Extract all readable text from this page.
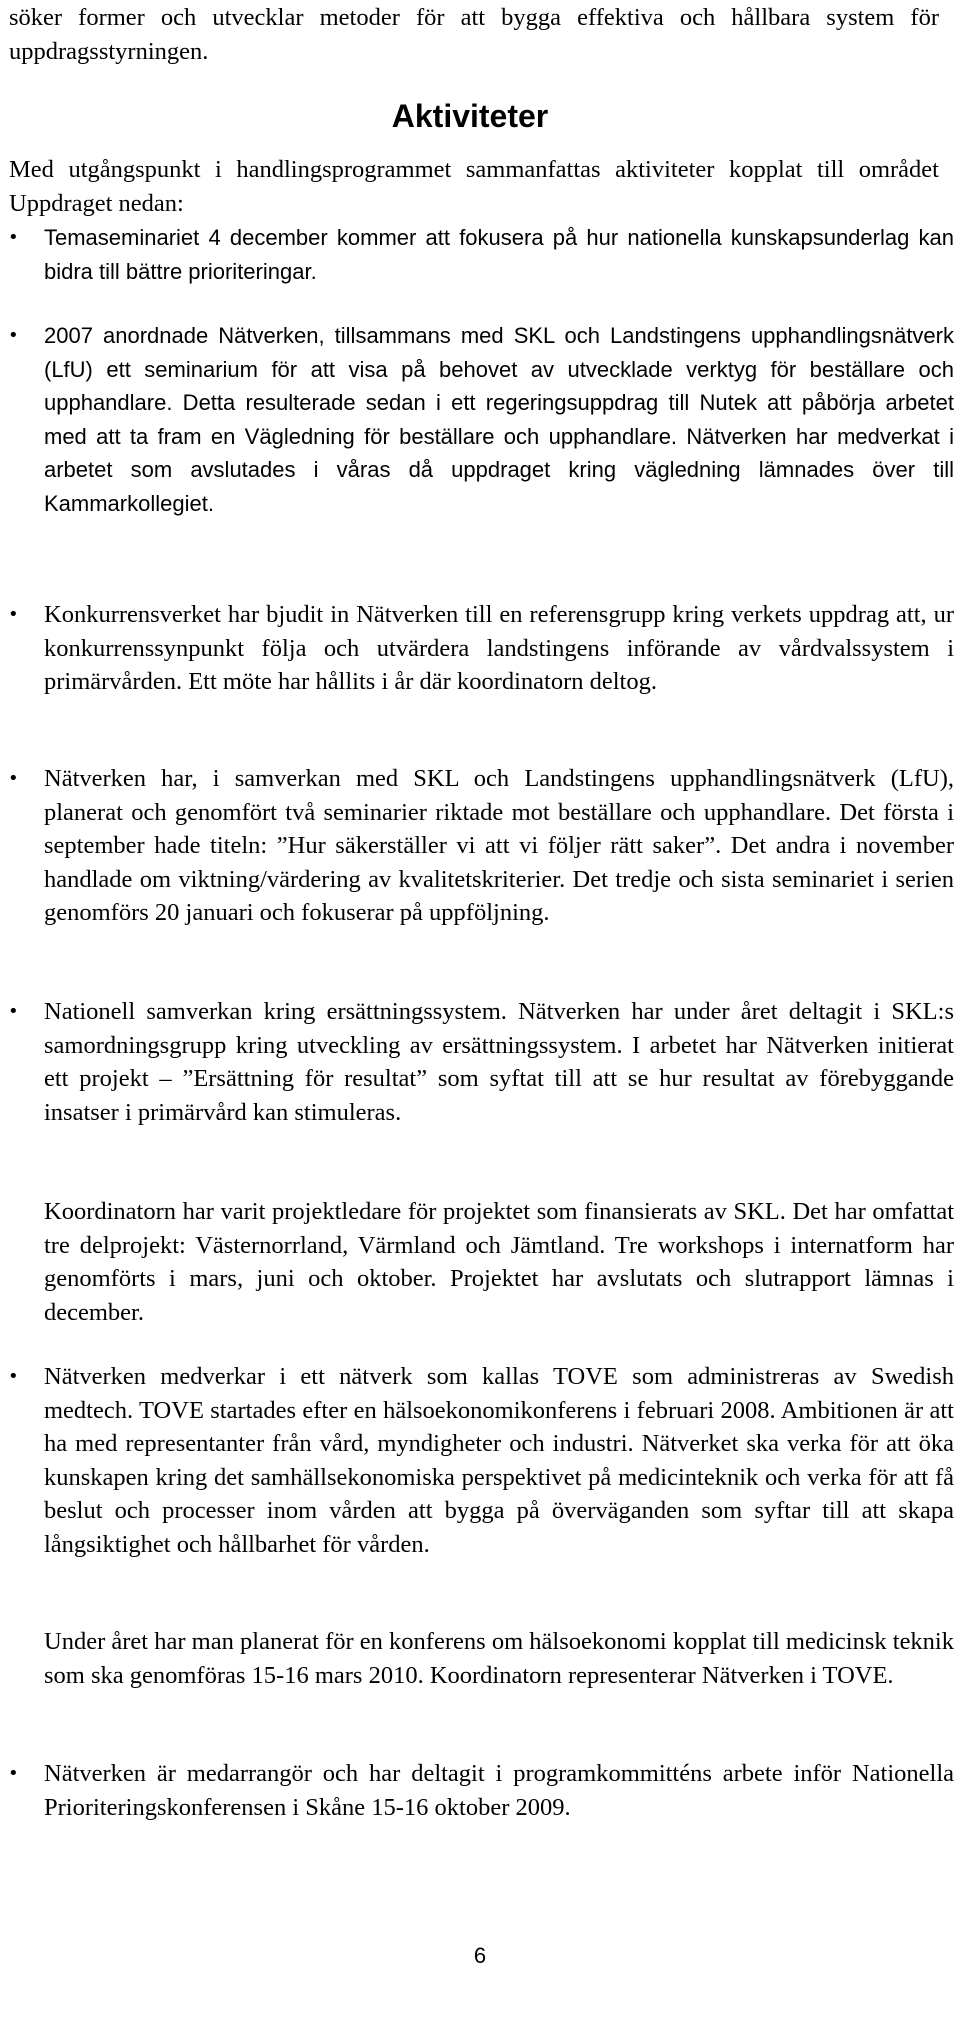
söker former och utvecklar metoder för att bygga effektiva och hållbara system för uppdragsstyrningen.

Aktiviteter

Med utgångspunkt i handlingsprogrammet sammanfattas aktiviteter kopplat till området Uppdraget nedan:

•	Temaseminariet 4 december kommer att fokusera på hur nationella kunskapsunderlag kan bidra till bättre prioriteringar.

•	2007 anordnade Nätverken, tillsammans med SKL och Landstingens upphandlingsnätverk (LfU) ett seminarium för att visa på behovet av utvecklade verktyg för beställare och upphandlare. Detta resulterade sedan i ett regeringsuppdrag till Nutek att påbörja arbetet med att ta fram en Vägledning för beställare och upphandlare. Nätverken har medverkat i arbetet som avslutades i våras då uppdraget kring vägledning lämnades över till Kammarkollegiet.

•	Konkurrensverket har bjudit in Nätverken till en referensgrupp kring verkets uppdrag att, ur konkurrenssynpunkt följa och utvärdera landstingens införande av vårdvalssystem i primärvården. Ett möte har hållits i år där koordinatorn deltog.

•	Nätverken har, i samverkan med SKL och Landstingens upphandlingsnätverk (LfU), planerat och genomfört två seminarier riktade mot beställare och upphandlare. Det första i september hade titeln: ”Hur säkerställer vi att vi följer rätt saker”. Det andra i november handlade om viktning/värdering av kvalitetskriterier. Det tredje och sista seminariet i serien genomförs 20 januari och fokuserar på uppföljning.

•	Nationell samverkan kring ersättningssystem. Nätverken har under året deltagit i SKL:s samordningsgrupp kring utveckling av ersättningssystem. I arbetet har Nätverken initierat ett projekt – ”Ersättning för resultat” som syftat till att se hur resultat av förebyggande insatser i primärvård kan stimuleras.

Koordinatorn har varit projektledare för projektet som finansierats av SKL. Det har omfattat tre delprojekt: Västernorrland, Värmland och Jämtland. Tre workshops i internatform har genomförts i mars, juni och oktober. Projektet har avslutats och slutrapport lämnas i december.

•	Nätverken medverkar i ett nätverk som kallas TOVE som administreras av Swedish medtech. TOVE startades efter en hälsoekonomikonferens i februari 2008. Ambitionen är att ha med representanter från vård, myndigheter och industri. Nätverket ska verka för att öka kunskapen kring det samhällsekonomiska perspektivet på medicinteknik och verka för att få beslut och processer inom vården att bygga på överväganden som syftar till att skapa långsiktighet och hållbarhet för vården.

Under året har man planerat för en konferens om hälsoekonomi kopplat till medicinsk teknik som ska genomföras 15-16 mars 2010. Koordinatorn representerar Nätverken i TOVE.

•	Nätverken är medarrangör och har deltagit i programkommitténs arbete inför Nationella Prioriteringskonferensen i Skåne 15-16 oktober 2009.

6
